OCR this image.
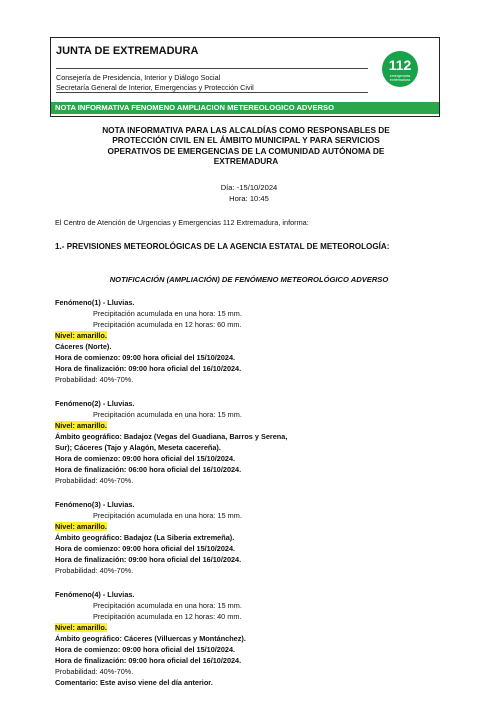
JUNTA DE EXTREMADURA
Consejería de Presidencia, Interior y Diálogo Social
Secretaría General de Interior, Emergencias y Protección Civil
112
emergencias
extremadura
NOTA INFORMATIVA FENOMENO AMPLIACION METEREOLOGICO ADVERSO
NOTA INFORMATIVA PARA LAS ALCALDÍAS COMO RESPONSABLES DE
PROTECCIÓN CIVIL EN EL ÁMBITO MUNICIPAL Y PARA SERVICIOS
OPERATIVOS DE EMERGENCIAS DE LA COMUNIDAD AUTÓNOMA DE
EXTREMADURA
Día: -15/10/2024
Hora: 10:45
El Centro de Atención de Urgencias y Emergencias 112 Extremadura, informa:
1.- PREVISIONES METEOROLÓGICAS DE LA AGENCIA ESTATAL DE METEOROLOGÍA:
NOTIFICACIÓN (AMPLIACIÓN) DE FENÓMENO METEOROLÓGICO ADVERSO
Fenómeno(1) - Lluvias.
Precipitación acumulada en una hora: 15 mm.
Precipitación acumulada en 12 horas: 60 mm.
Nivel: amarillo.
Cáceres (Norte).
Hora de comienzo: 09:00 hora oficial del 15/10/2024.
Hora de finalización: 09:00 hora oficial del 16/10/2024.
Probabilidad: 40%-70%.
Fenómeno(2) - Lluvias.
Precipitación acumulada en una hora: 15 mm.
Nivel: amarillo.
Ámbito geográfico: Badajoz (Vegas del Guadiana, Barros y Serena,
Sur); Cáceres (Tajo y Alagón, Meseta cacereña).
Hora de comienzo: 09:00 hora oficial del 15/10/2024.
Hora de finalización: 06:00 hora oficial del 16/10/2024.
Probabilidad: 40%-70%.
Fenómeno(3) - Lluvias.
Precipitación acumulada en una hora: 15 mm.
Nivel: amarillo.
Ámbito geográfico: Badajoz (La Siberia extremeña).
Hora de comienzo: 09:00 hora oficial del 15/10/2024.
Hora de finalización: 09:00 hora oficial del 16/10/2024.
Probabilidad: 40%-70%.
Fenómeno(4) - Lluvias.
Precipitación acumulada en una hora: 15 mm.
Precipitación acumulada en 12 horas: 40 mm.
Nivel: amarillo.
Ámbito geográfico: Cáceres (Villuercas y Montánchez).
Hora de comienzo: 09:00 hora oficial del 15/10/2024.
Hora de finalización: 09:00 hora oficial del 16/10/2024.
Probabilidad: 40%-70%.
Comentario: Este aviso viene del día anterior.
